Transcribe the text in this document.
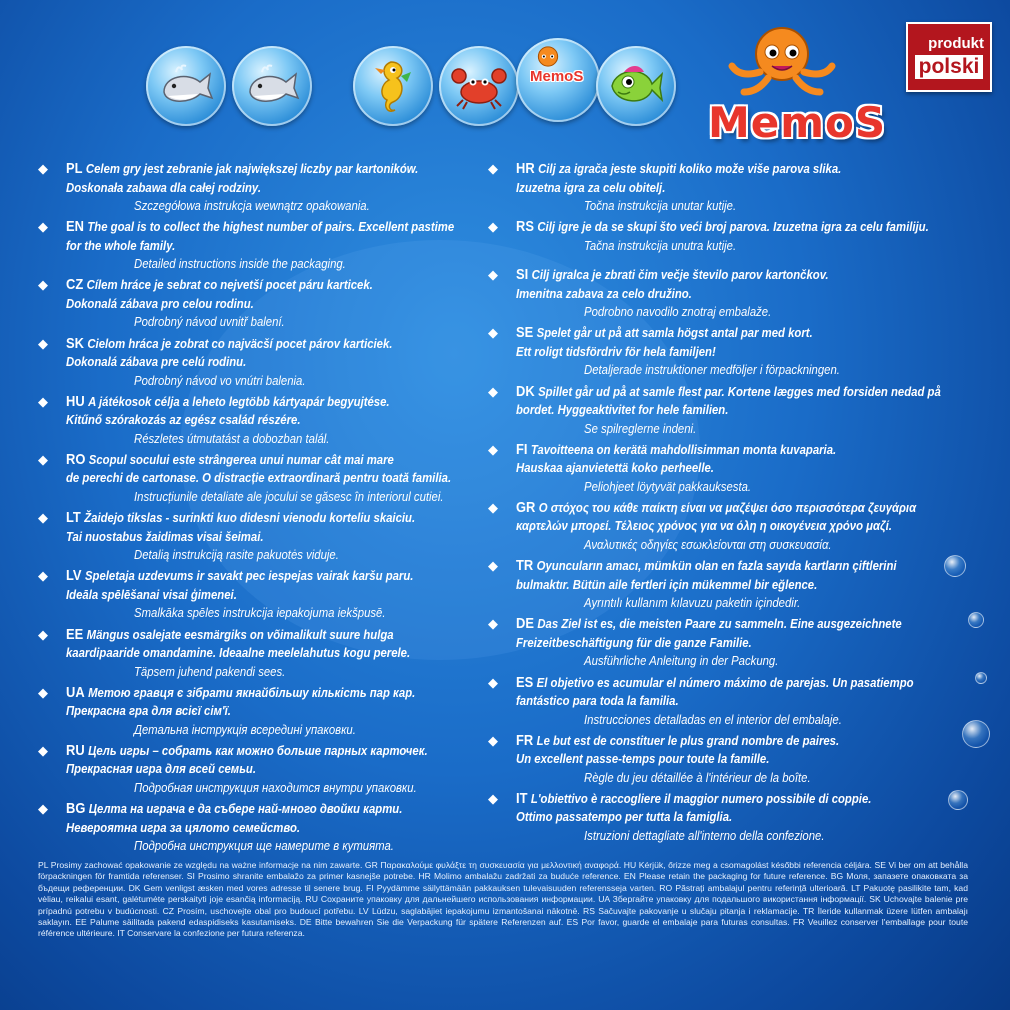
MemoS
MemoS
produkt
polski
◆
PL Celem gry jest zebranie jak największej liczby par kartoników.
Doskonała zabawa dla całej rodziny.
Szczegółowa instrukcja wewnątrz opakowania.
◆
EN The goal is to collect the highest number of pairs. Excellent pastime
for the whole family.
Detailed instructions inside the packaging.
◆
CZ Cílem hráce je sebrat co nejvetší pocet páru karticek.
Dokonalá zábava pro celou rodinu.
Podrobný návod uvnitř balení.
◆
SK Cielom hráca je zobrat co najväcší pocet párov karticiek.
Dokonalá zábava pre celú rodinu.
Podrobný návod vo vnútri balenia.
◆
HU A játékosok célja a leheto legtöbb kártyapár begyujtése.
Kitűnő szórakozás az egész család részére.
Részletes útmutatást a dobozban talál.
◆
RO Scopul socului este strângerea unui numar cât mai mare
de perechi de cartonase. O distracție extraordinară pentru toată familia.
Instrucțiunile detaliate ale jocului se găsesc în interiorul cutiei.
◆
LT Žaidejo tikslas - surinkti kuo didesni vienodu korteliu skaiciu.
Tai nuostabus žaidimas visai šeimai.
Detalią instrukciją rasite pakuotės viduje.
◆
LV Speletaja uzdevums ir savakt pec iespejas vairak karšu paru.
Ideāla spēlēšanai visai ģimenei.
Smalkāka spēles instrukcija iepakojuma iekšpusē.
◆
EE Mängus osalejate eesmärgiks on võimalikult suure hulga
kaardipaaride omandamine. Ideaalne meelelahutus kogu perele.
Täpsem juhend pakendi sees.
◆
UA Метою гравця є зібрати якнайбільшу кількість пар кар.
Прекрасна гра для всієї сім'ї.
Детальна інструкція всередині упаковки.
◆
RU Цель игры – собрать как можно больше парных карточек.
Прекрасная игра для всей семьи.
Подробная инструкция находится внутри упаковки.
◆
BG Целта на играча е да събере най-много двойки карти.
Невероятна игра за цялото семейство.
Подробна инструкция ще намерите в кутията.
◆
HR Cilj za igrača jeste skupiti koliko može više parova slika.
Izuzetna igra za celu obitelj.
Točna instrukcija unutar kutije.
◆
RS Cilj igre je da se skupi što veći broj parova. Izuzetna igra za celu familiju.
Tačna instrukcija unutra kutije.
◆
SI Cilj igralca je zbrati čim večje število parov kartončkov.
Imenitna zabava za celo družino.
Podrobno navodilo znotraj embalaže.
◆
SE Spelet går ut på att samla högst antal par med kort.
Ett roligt tidsfördriv för hela familjen!
Detaljerade instruktioner medföljer i förpackningen.
◆
DK Spillet går ud på at samle flest par. Kortene lægges med forsiden nedad på
bordet. Hyggeaktivitet for hele familien.
Se spilreglerne indeni.
◆
FI Tavoitteena on kerätä mahdollisimman monta kuvaparia.
Hauskaa ajanvietettä koko perheelle.
Peliohjeet löytyvät pakkauksesta.
◆
GR Ο στόχος του κάθε παίκτη είναι να μαζέψει όσο περισσότερα ζευγάρια
καρτελών μπορεί. Τέλειος χρόνος για να όλη η οικογένεια χρόνο μαζί.
Αναλυτικές οδηγίες εσωκλείονται στη συσκευασία.
◆
TR Oyuncuların amacı, mümkün olan en fazla sayıda kartların çiftlerini
bulmaktır. Bütün aile fertleri için mükemmel bir eğlence.
Ayrıntılı kullanım kılavuzu paketin içindedir.
◆
DE Das Ziel ist es, die meisten Paare zu sammeln. Eine ausgezeichnete
Freizeitbeschäftigung für die ganze Familie.
Ausführliche Anleitung in der Packung.
◆
ES El objetivo es acumular el número máximo de parejas. Un pasatiempo
fantástico para toda la familia.
Instrucciones detalladas en el interior del embalaje.
◆
FR Le but est de constituer le plus grand nombre de paires.
Un excellent passe-temps pour toute la famille.
Règle du jeu détaillée à l'intérieur de la boîte.
◆
IT L'obiettivo è raccogliere il maggior numero possibile di coppie.
Ottimo passatempo per tutta la famiglia.
Istruzioni dettagliate all'interno della confezione.
PL Prosimy zachować opakowanie ze względu na ważne informacje na nim zawarte. GR Παρακαλούμε φυλάξτε τη συσκευασία για μελλοντική αναφορά. HU Kérjük, őrizze meg a csomagolást későbbi referencia céljára. SE Vi ber om att behålla förpackningen för framtida referenser. SI Prosimo shranite embalažo za primer kasnejše potrebe. HR Molimo ambalažu zadržati za buduće reference. EN Please retain the packaging for future reference. BG Моля, запазете опаковката за бъдещи референции. DK Gem venligst æsken med vores adresse til senere brug. FI Pyydämme säilyttämään pakkauksen tulevaisuuden referensseja varten. RO Păstrați ambalajul pentru referință ulterioară. LT Pakuotę pasilikite tam, kad vėliau, reikalui esant, galėtumėte perskaityti joje esančią informaciją. RU Сохраните упаковку для дальнейшего использования информации. UA Збергайте упаковку для подальшого використання інформації. SK Uchovajte balenie pre prípadnú potrebu v budúcnosti. CZ Prosím, uschovejte obal pro budoucí potřebu. LV Lūdzu, saglabājiet iepakojumu izmantošanai nākotnē. RS Sačuvajte pakovanje u slučaju pitanja i reklamacije. TR İleride kullanmak üzere lütfen ambalajı saklayın. EE Palume säilitada pakend edaspidiseks kasutamiseks. DE Bitte bewahren Sie die Verpackung für spätere Referenzen auf. ES Por favor, guarde el embalaje para futuras consultas. FR Veuillez conserver l'emballage pour toute référence ultérieure. IT Conservare la confezione per futura referenza.
